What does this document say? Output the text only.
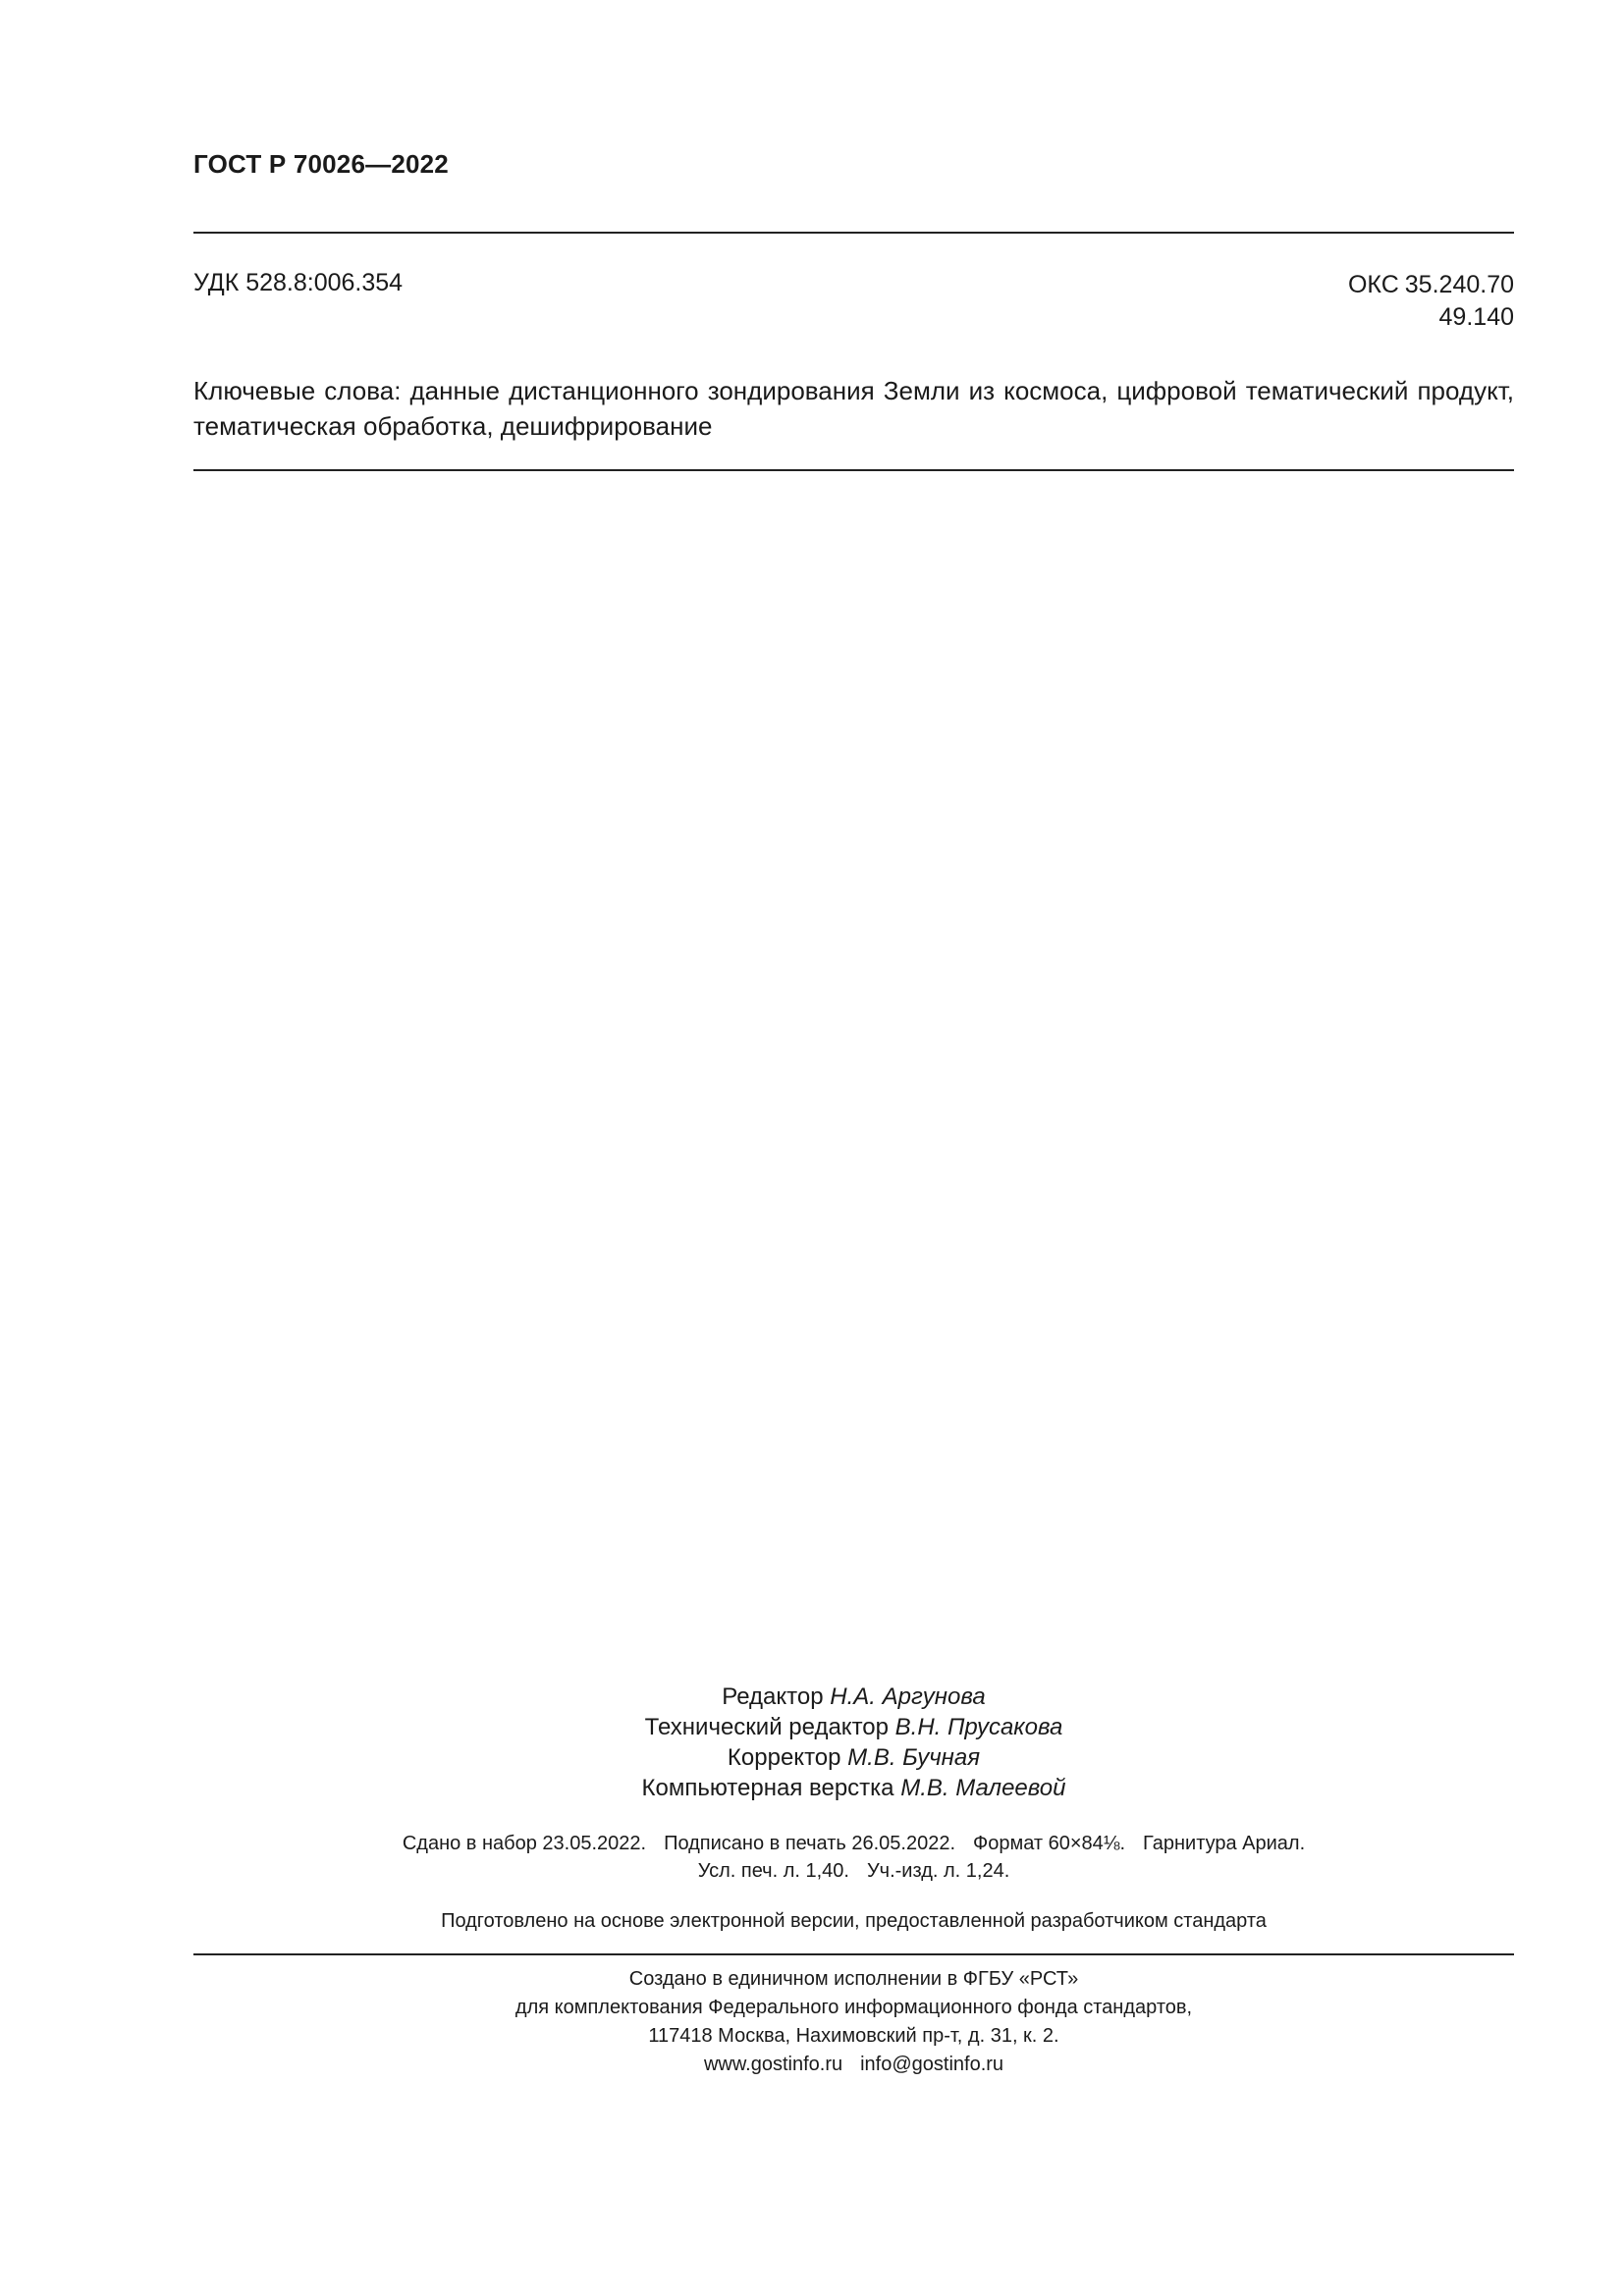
ГОСТ Р 70026—2022
УДК 528.8:006.354	ОКС 35.240.70
49.140
Ключевые слова: данные дистанционного зондирования Земли из космоса, цифровой тематический продукт, тематическая обработка, дешифрирование
Редактор Н.А. Аргунова
Технический редактор В.Н. Прусакова
Корректор М.В. Бучная
Компьютерная верстка М.В. Малеевой
Сдано в набор 23.05.2022. Подписано в печать 26.05.2022. Формат 60×84⅛. Гарнитура Ариал.
Усл. печ. л. 1,40. Уч.-изд. л. 1,24.
Подготовлено на основе электронной версии, предоставленной разработчиком стандарта
Создано в единичном исполнении в ФГБУ «РСТ»
для комплектования Федерального информационного фонда стандартов,
117418 Москва, Нахимовский пр-т, д. 31, к. 2.
www.gostinfo.ru info@gostinfo.ru
